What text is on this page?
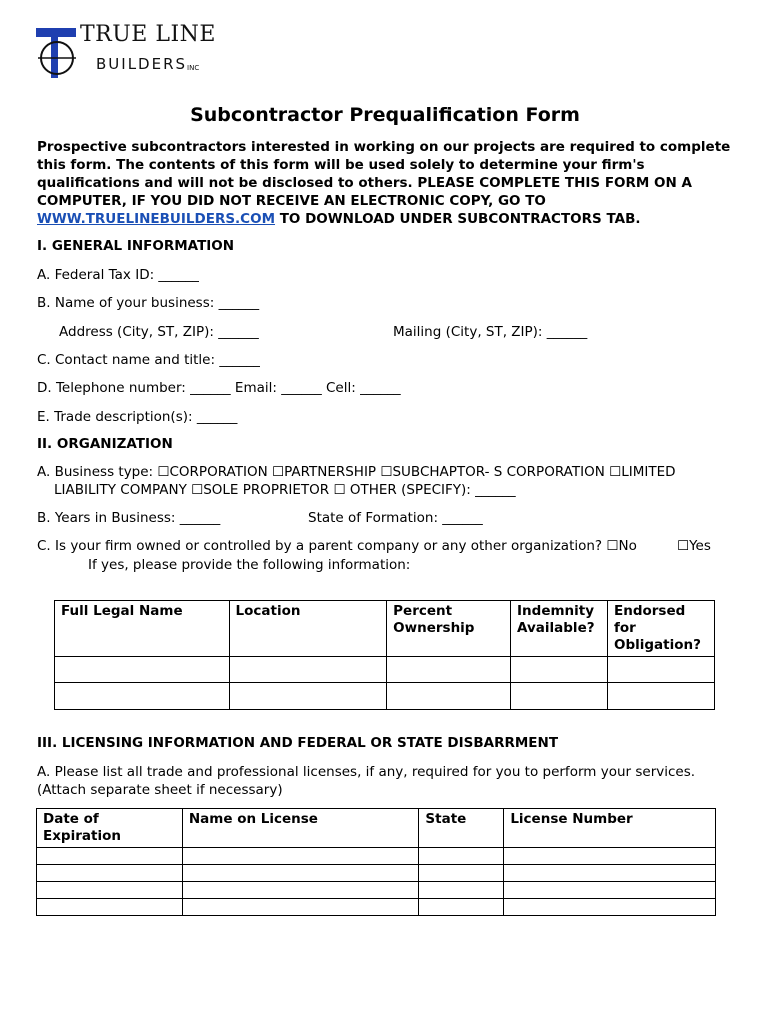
TRUE LINE
$BUILDERS_{INC}$
Subcontractor Prequalification Form
Prospective subcontractors interested in working on our projects are required to complete this form. The contents of this form will be used solely to determine your firm's qualifications and will not be disclosed to others. PLEASE COMPLETE THIS FORM ON A COMPUTER, IF YOU DID NOT RECEIVE AN ELECTRONIC COPY, GO TO WWW.TRUELINEBUILDERS.COM TO DOWNLOAD UNDER SUBCONTRACTORS TAB.
I. GENERAL INFORMATION
A. Federal Tax ID: ______
B. Name of your business: ______
Address (City, ST, ZIP): ______	Mailing (City, ST, ZIP): ______
C. Contact name and title: ______
D. Telephone number: ______ Email: ______ Cell: ______
E. Trade description(s): ______
II. ORGANIZATION
A. Business type: ☐CORPORATION ☐PARTNERSHIP ☐SUBCHAPTOR- S CORPORATION ☐LIMITED
LIABILITY COMPANY ☐SOLE PROPRIETOR ☐ OTHER (SPECIFY): ______
B. Years in Business: ______	State of Formation: ______
C. Is your firm owned or controlled by a parent company or any other organization? ☐No	☐Yes
If yes, please provide the following information:
Full Legal Name	Location	Percent Ownership	Indemnity Available?	Endorsed for Obligation?

III. LICENSING INFORMATION AND FEDERAL OR STATE DISBARRMENT
A. Please list all trade and professional licenses, if any, required for you to perform your services.
(Attach separate sheet if necessary)
Date of Expiration	Name on License	State	License Number
